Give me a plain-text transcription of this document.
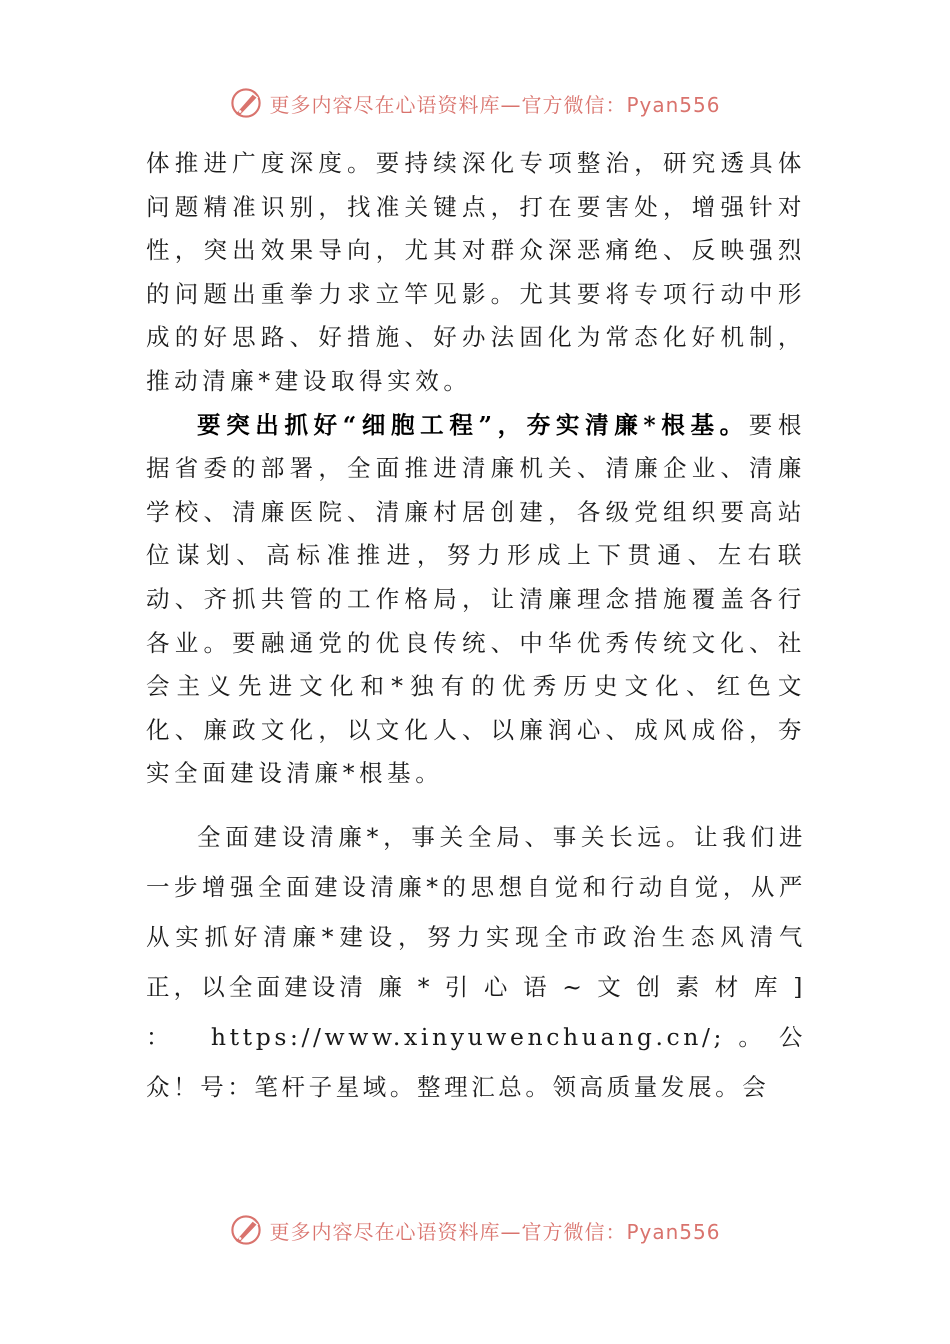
更多内容尽在心语资料库—官方微信：Pyan556

体推进广度深度。要持续深化专项整治，研究透具体问题精准识别，找准关键点，打在要害处，增强针对性，突出效果导向，尤其对群众深恶痛绝、反映强烈的问题出重拳力求立竿见影。尤其要将专项行动中形成的好思路、好措施、好办法固化为常态化好机制，推动清廉*建设取得实效。

要突出抓好“细胞工程”，夯实清廉*根基。要根据省委的部署，全面推进清廉机关、清廉企业、清廉学校、清廉医院、清廉村居创建，各级党组织要高站位谋划、高标准推进，努力形成上下贯通、左右联动、齐抓共管的工作格局，让清廉理念措施覆盖各行各业。要融通党的优良传统、中华优秀传统文化、社会主义先进文化和*独有的优秀历史文化、红色文化、廉政文化，以文化人、以廉润心、成风成俗，夯实全面建设清廉*根基。

全面建设清廉*，事关全局、事关长远。让我们进一步增强全面建设清廉*的思想自觉和行动自觉，从严从实抓好清廉*建设，努力实现全市政治生态风清气正，以全面建设清 廉 * 引 心 语 ~ 文 创 素 材 库 ] ： https://www.xinyuwenchuang.cn/;。公众！号：笔杆子星域。整理汇总。领高质量发展。会

更多内容尽在心语资料库—官方微信：Pyan556
